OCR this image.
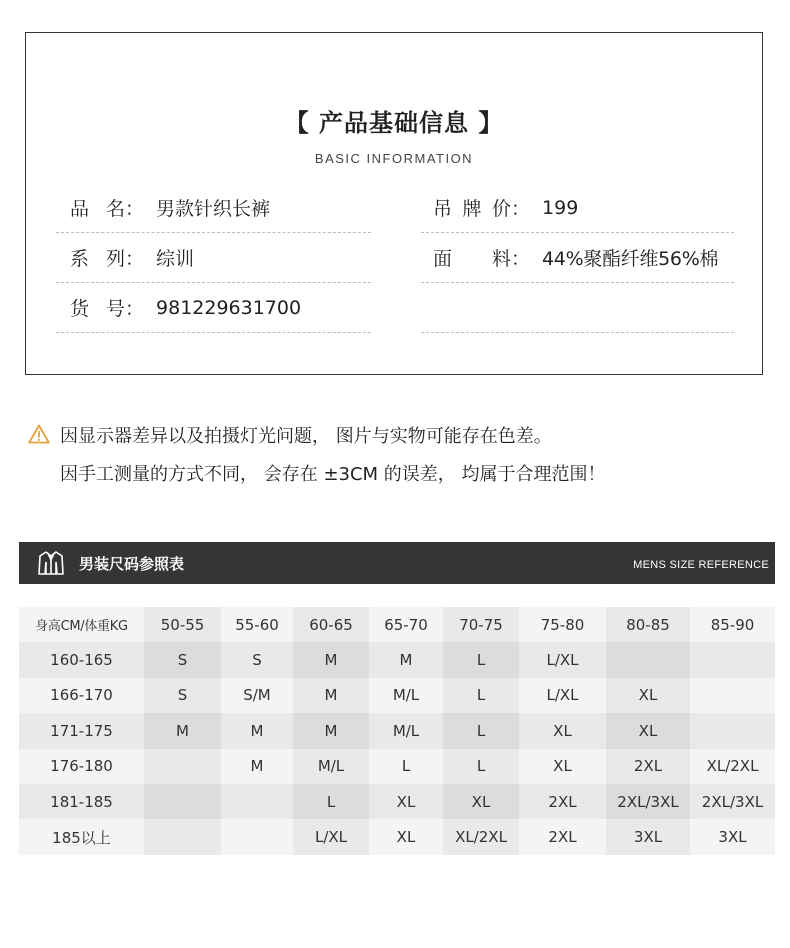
【 产品基础信息 】
BASIC INFORMATION
品 名 ： 男款针织长裤
系 列 ： 综训
货 号 ： 981229631700
吊 牌 价 ： 199
面 料 ： 44%聚酯纤维56%棉
因显示器差异以及拍摄灯光问题， 图片与实物可能存在色差。
因手工测量的方式不同， 会存在 ±3CM 的误差， 均属于合理范围！
男装尺码参照表	MENS SIZE REFERENCE
身高CM/体重KG	50-55	55-60	60-65	65-70	70-75	75-80	80-85	85-90
160-165	S	S	M	M	L	L/XL		
166-170	S	S/M	M	M/L	L	L/XL	XL	
171-175	M	M	M	M/L	L	XL	XL	
176-180		M	M/L	L	L	XL	2XL	XL/2XL
181-185			L	XL	XL	2XL	2XL/3XL	2XL/3XL
185以上			L/XL	XL	XL/2XL	2XL	3XL	3XL
